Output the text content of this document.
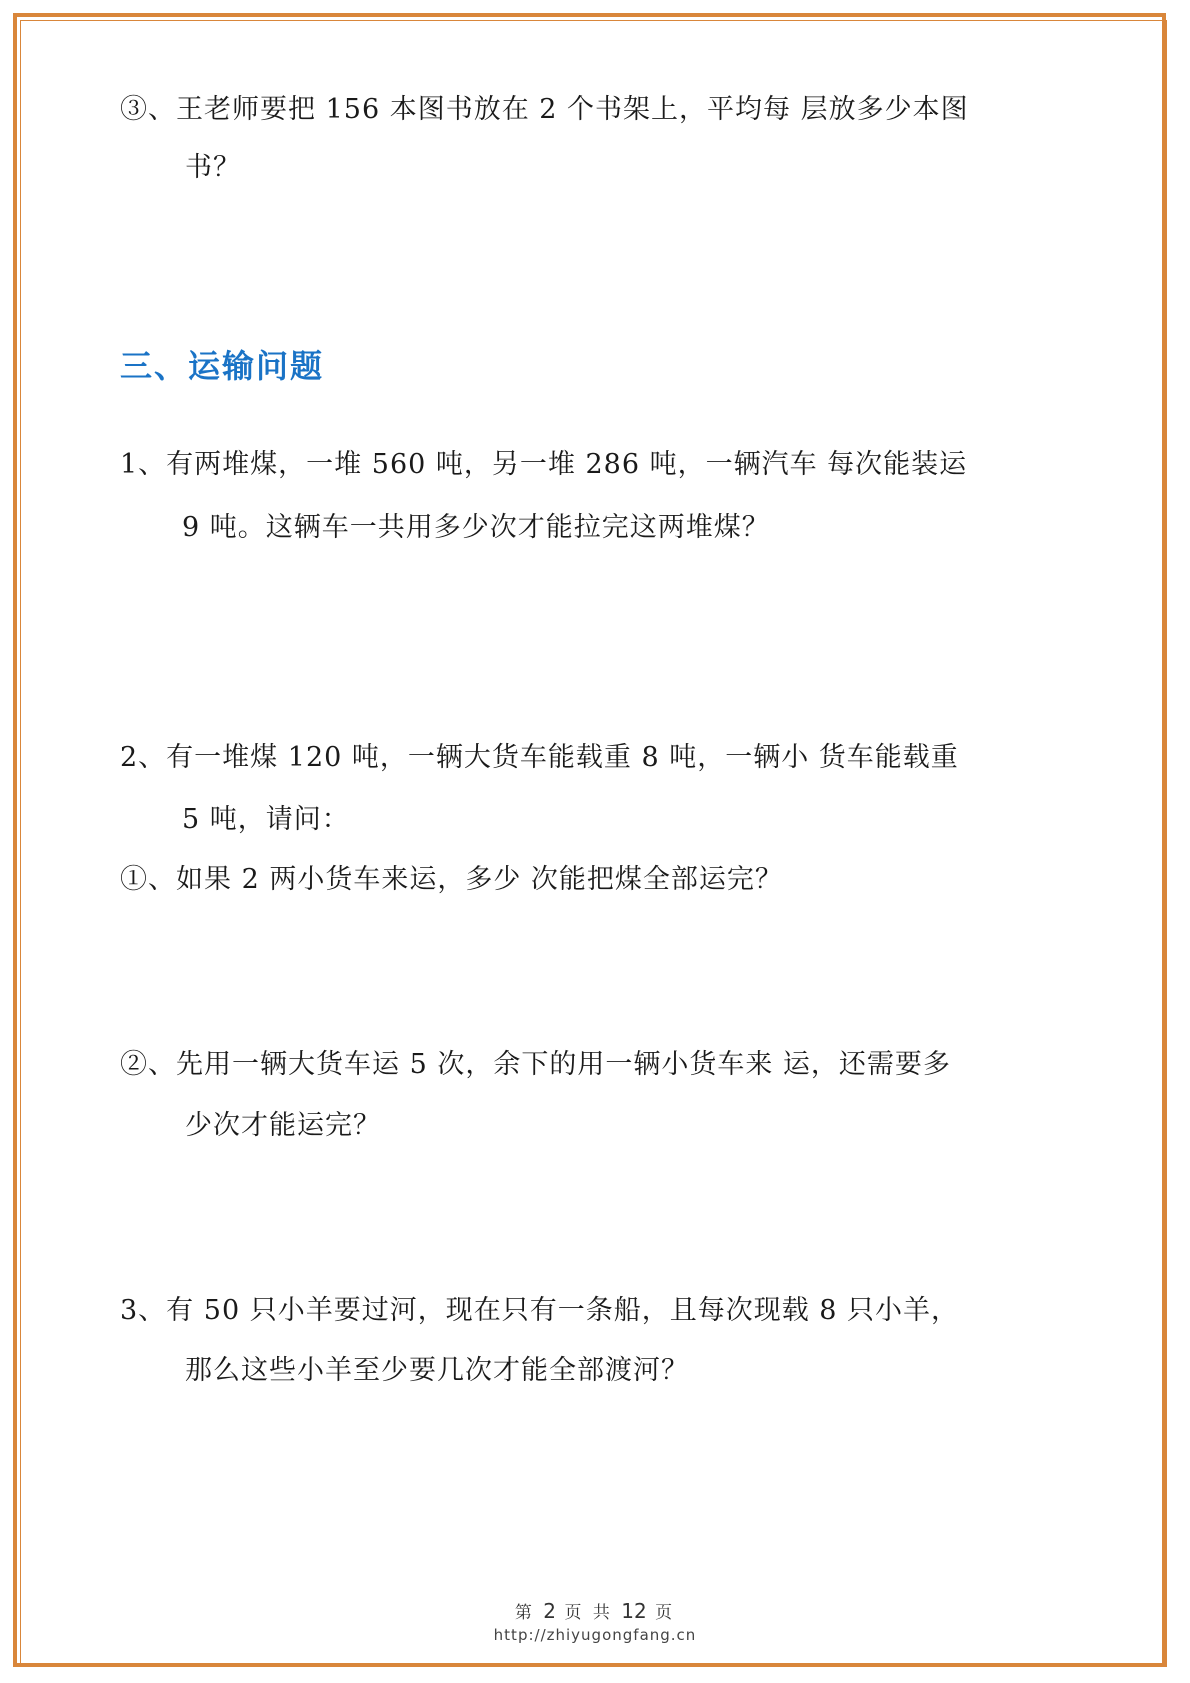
③、王老师要把 156 本图书放在 2 个书架上，平均每 层放多少本图
书？
三、运输问题
1、有两堆煤，一堆 560 吨，另一堆 286 吨，一辆汽车 每次能装运
9 吨。这辆车一共用多少次才能拉完这两堆煤？
2、有一堆煤 120 吨，一辆大货车能载重 8 吨，一辆小 货车能载重
5 吨，请问：
①、如果 2 两小货车来运，多少 次能把煤全部运完？
②、先用一辆大货车运 5 次，余下的用一辆小货车来 运，还需要多
少次才能运完？
3、有 50 只小羊要过河，现在只有一条船，且每次现载 8 只小羊，
那么这些小羊至少要几次才能全部渡河？
第 2 页 共 12 页
http://zhiyugongfang.cn
